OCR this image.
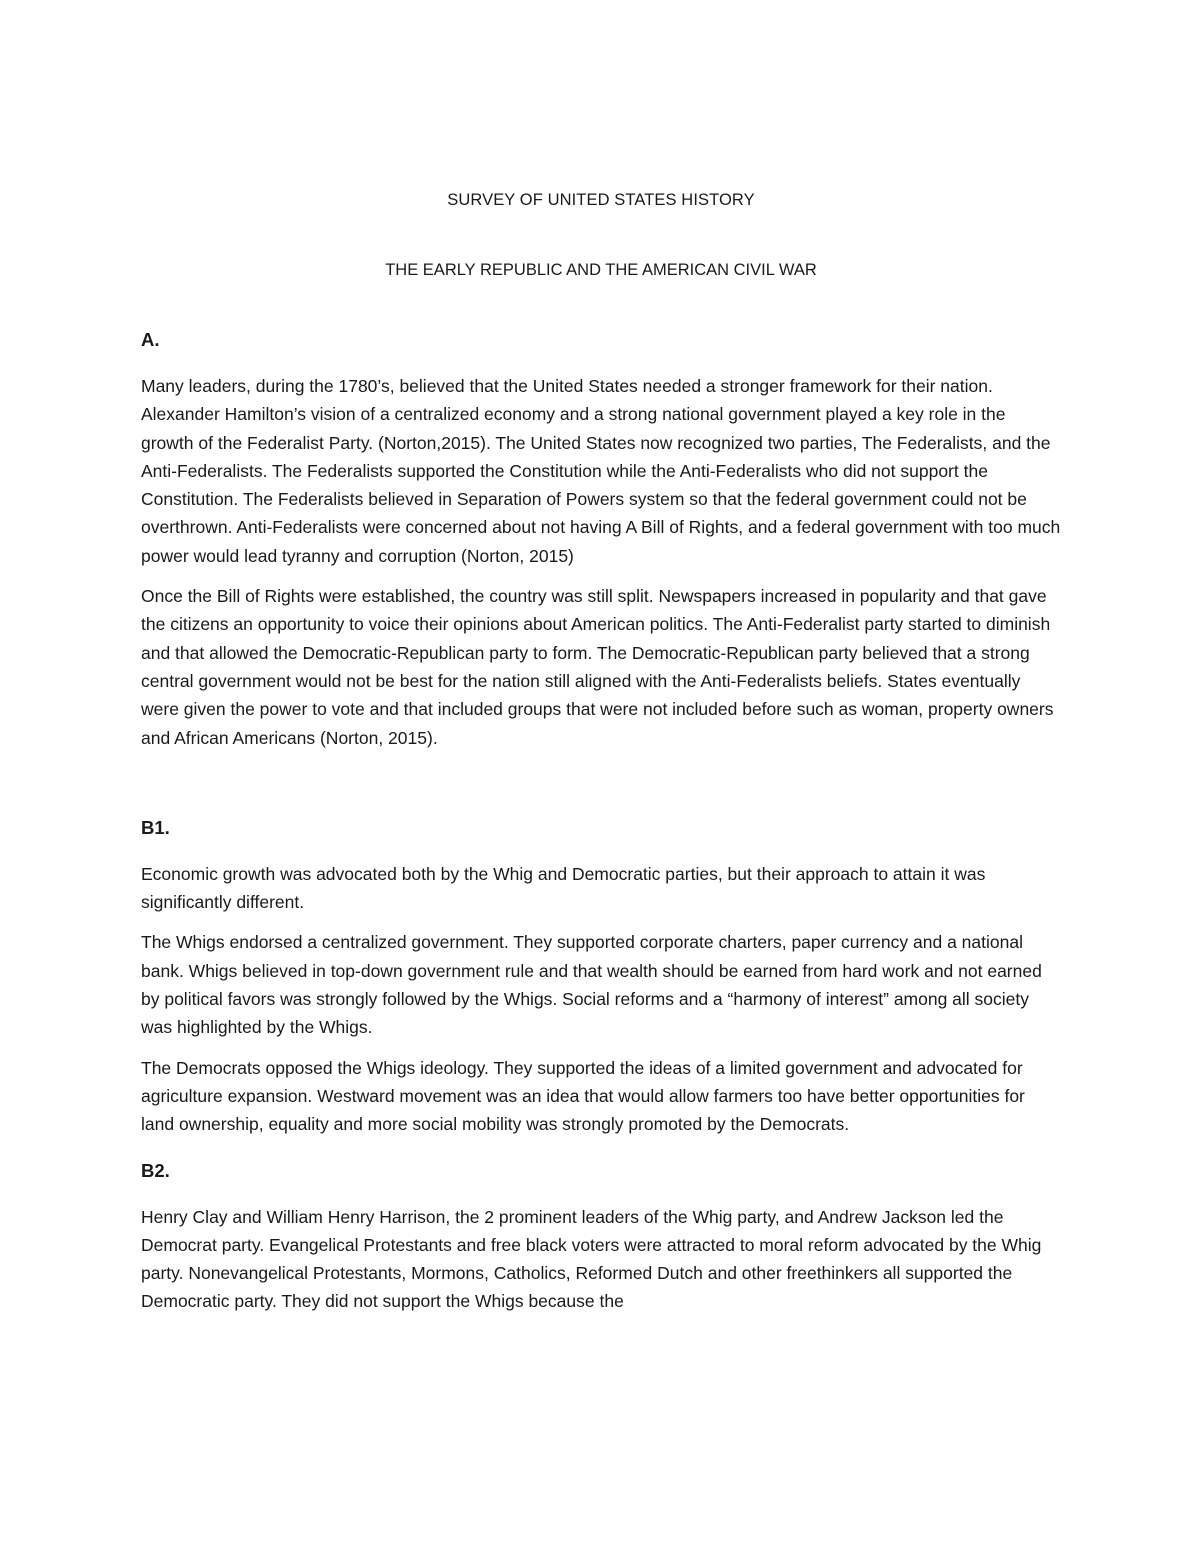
SURVEY OF UNITED STATES HISTORY
THE EARLY REPUBLIC AND THE AMERICAN CIVIL WAR
A.

Many leaders, during the 1780’s, believed that the United States needed a stronger framework for their nation. Alexander Hamilton’s vision of a centralized economy and a strong national government played a key role in the growth of the Federalist Party. (Norton,2015). The United States now recognized two parties, The Federalists, and the Anti-Federalists. The Federalists supported the Constitution while the Anti-Federalists who did not support the Constitution. The Federalists believed in Separation of Powers system so that the federal government could not be overthrown. Anti-Federalists were concerned about not having A Bill of Rights, and a federal government with too much power would lead tyranny and corruption (Norton, 2015)

Once the Bill of Rights were established, the country was still split. Newspapers increased in popularity and that gave the citizens an opportunity to voice their opinions about American politics. The Anti-Federalist party started to diminish and that allowed the Democratic-Republican party to form. The Democratic-Republican party believed that a strong central government would not be best for the nation still aligned with the Anti-Federalists beliefs. States eventually were given the power to vote and that included groups that were not included before such as woman, property owners and African Americans (Norton, 2015).

B1.

Economic growth was advocated both by the Whig and Democratic parties, but their approach to attain it was significantly different.

The Whigs endorsed a centralized government. They supported corporate charters, paper currency and a national bank. Whigs believed in top-down government rule and that wealth should be earned from hard work and not earned by political favors was strongly followed by the Whigs. Social reforms and a “harmony of interest” among all society was highlighted by the Whigs.

The Democrats opposed the Whigs ideology. They supported the ideas of a limited government and advocated for agriculture expansion. Westward movement was an idea that would allow farmers too have better opportunities for land ownership, equality and more social mobility was strongly promoted by the Democrats.

B2.

Henry Clay and William Henry Harrison, the 2 prominent leaders of the Whig party, and Andrew Jackson led the Democrat party. Evangelical Protestants and free black voters were attracted to moral reform advocated by the Whig party. Nonevangelical Protestants, Mormons, Catholics, Reformed Dutch and other freethinkers all supported the Democratic party. They did not support the Whigs because the
